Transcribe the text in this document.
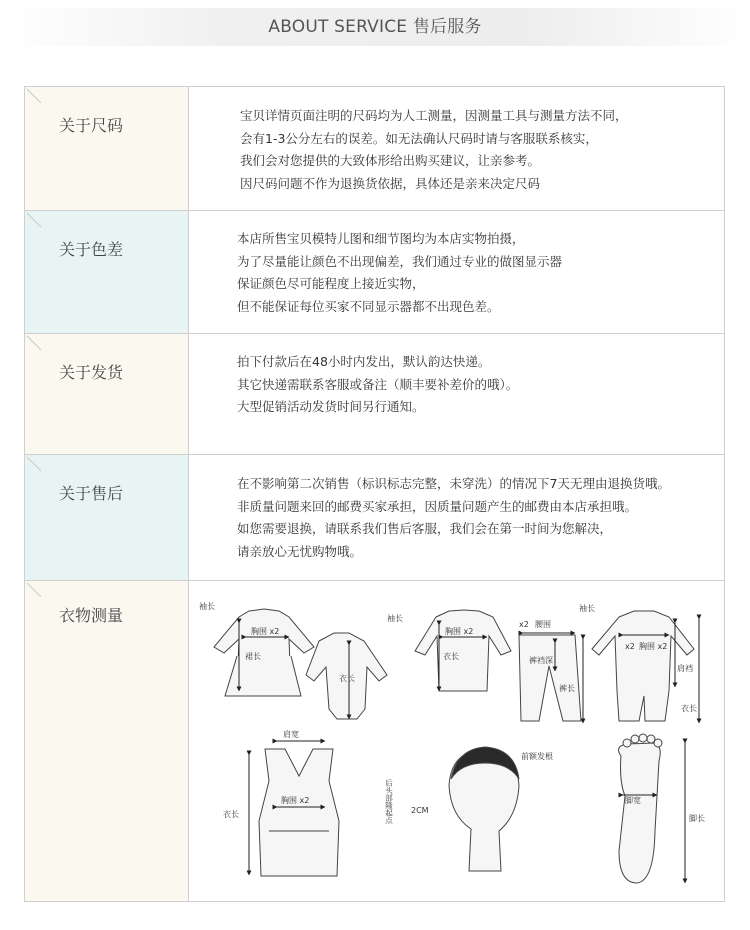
ABOUT SERVICE 售后服务
关于尺码
宝贝详情页面注明的尺码均为人工测量，因测量工具与测量方法不同，
会有1-3公分左右的误差。如无法确认尺码时请与客服联系核实，
我们会对您提供的大致体形给出购买建议，让亲参考。
因尺码问题不作为退换货依据，具体还是亲来决定尺码
关于色差
本店所售宝贝模特儿图和细节图均为本店实物拍摄，
为了尽量能让颜色不出现偏差，我们通过专业的做图显示器
保证颜色尽可能程度上接近实物，
但不能保证每位买家不同显示器都不出现色差。
关于发货
拍下付款后在48小时内发出，默认韵达快递。
其它快递需联系客服或备注（顺丰要补差价的哦）。
大型促销活动发货时间另行通知。
关于售后
在不影响第二次销售（标识标志完整，未穿洗）的情况下7天无理由退换货哦。
非质量问题来回的邮费买家承担，因质量问题产生的邮费由本店承担哦。
如您需要退换，请联系我们售后客服，我们会在第一时间为您解决，
请亲放心无忧购物哦。
衣物测量	袖长
胸围 x2
裙长
衣长
袖长
胸围 x2
衣长
x2 腰围
裤裆深
裤长
袖长
x2 胸围 x2
肩裆
衣长
肩宽
衣长
胸围 x2
前额发根
2CM
脚宽
脚长
后头部隆起点
